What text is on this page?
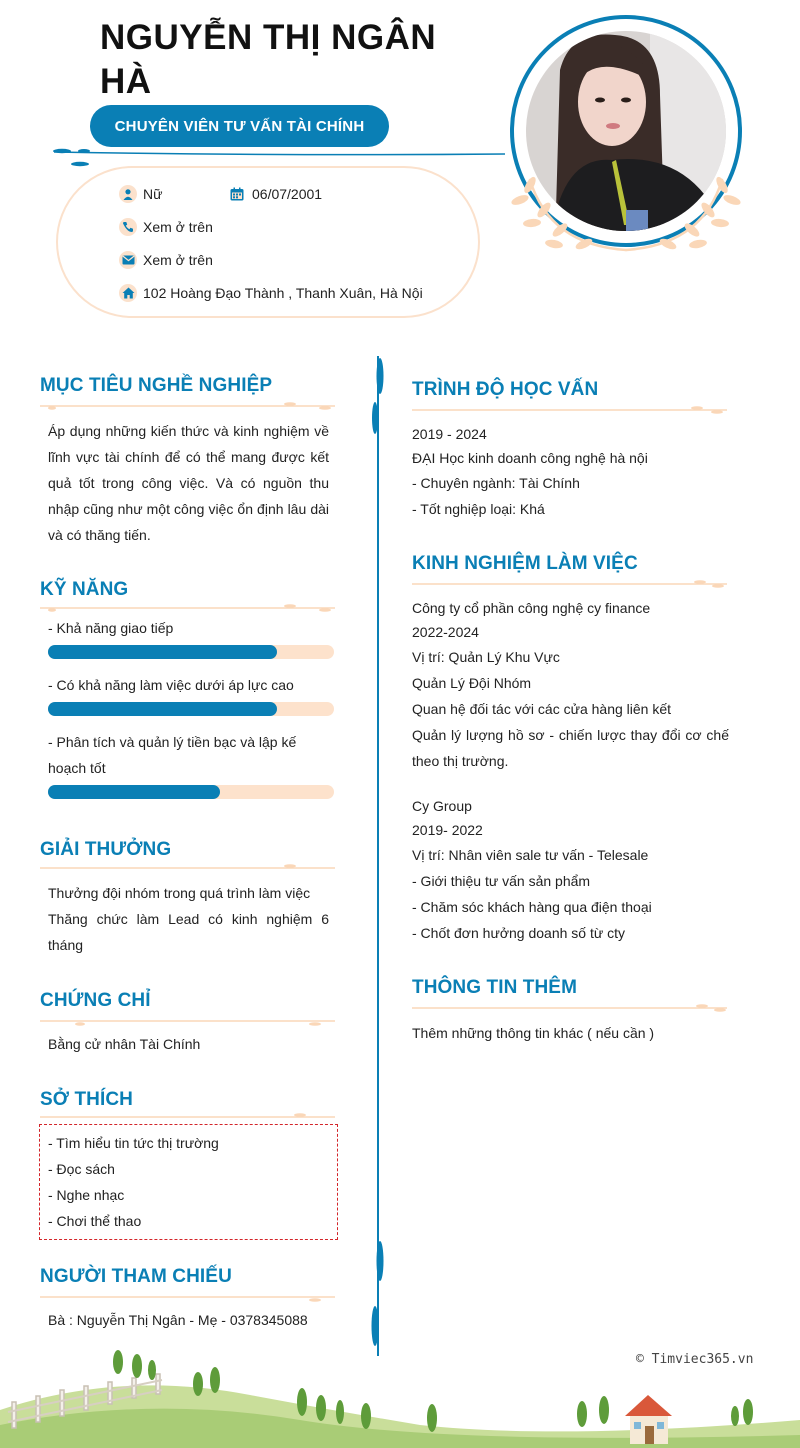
NGUYỄN THỊ NGÂN HÀ
CHUYÊN VIÊN TƯ VẤN TÀI CHÍNH
Nữ	06/07/2001
Xem ở trên
Xem ở trên
102 Hoàng Đạo Thành , Thanh Xuân, Hà Nội
MỤC TIÊU NGHỀ NGHIỆP
Áp dụng những kiến thức và kinh nghiệm về lĩnh vực tài chính để có thể mang được kết quả tốt trong công việc. Và có nguồn thu nhập cũng như một công việc ổn định lâu dài và có thăng tiến.
KỸ NĂNG
- Khả năng giao tiếp
- Có khả năng làm việc dưới áp lực cao
- Phân tích và quản lý tiền bạc và lập kế hoạch tốt
GIẢI THƯỞNG
Thưởng đội nhóm trong quá trình làm việc
Thăng chức làm Lead có kinh nghiệm 6 tháng
CHỨNG CHỈ
Bằng cử nhân Tài Chính
SỞ THÍCH
- Tìm hiểu tin tức thị trường
- Đọc sách
- Nghe nhạc
- Chơi thể thao
NGƯỜI THAM CHIẾU
Bà : Nguyễn Thị Ngân - Mẹ - 0378345088
TRÌNH ĐỘ HỌC VẤN
2019 - 2024
ĐẠI Học kinh doanh công nghệ hà nội
- Chuyên ngành: Tài Chính
- Tốt nghiệp loại: Khá
KINH NGHIỆM LÀM VIỆC
Công ty cổ phần công nghệ cy finance
2022-2024
Vị trí: Quản Lý Khu Vực
Quản Lý Đội Nhóm
Quan hệ đối tác với các cửa hàng liên kết
Quản lý lượng hồ sơ - chiến lược thay đổi cơ chế theo thị trường.
Cy Group
2019- 2022
Vị trí: Nhân viên sale tư vấn - Telesale
- Giới thiệu tư vấn sản phẩm
- Chăm sóc khách hàng qua điện thoại
- Chốt đơn hưởng doanh số từ cty
THÔNG TIN THÊM
Thêm những thông tin khác ( nếu cần )
© Timviec365.vn
